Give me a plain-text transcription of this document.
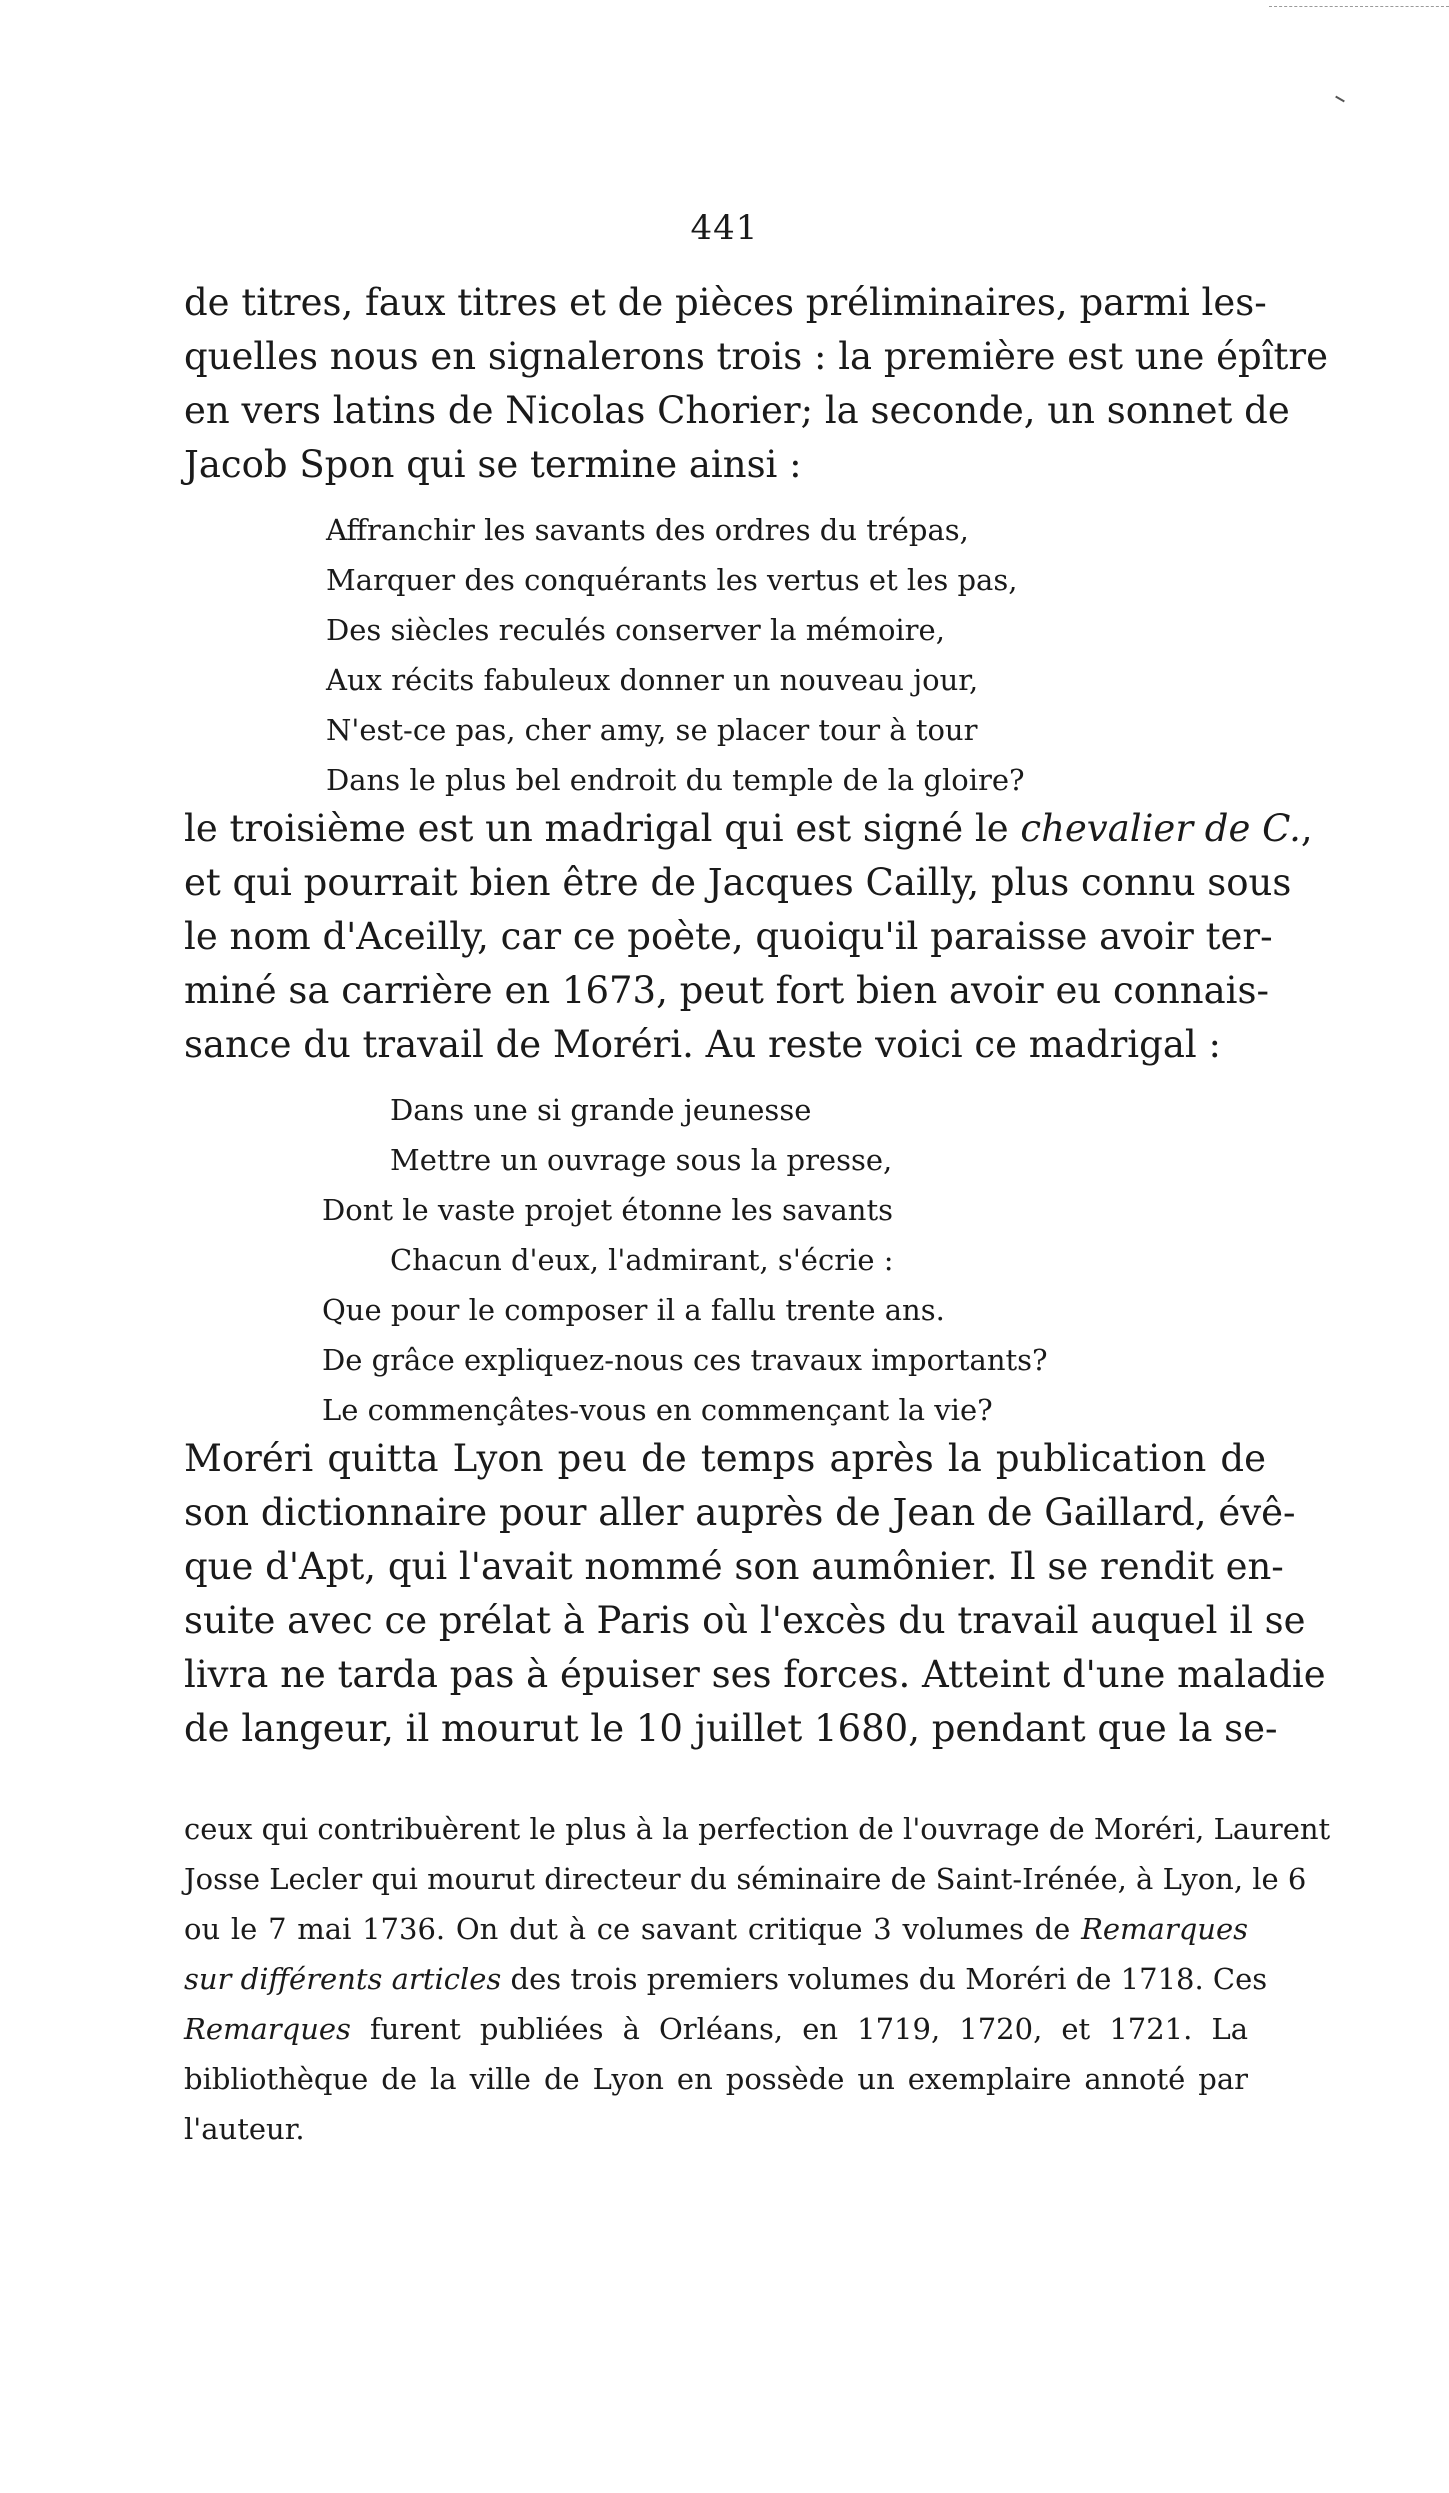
441

de titres, faux titres et de pièces préliminaires, parmi les-
quelles nous en signalerons trois : la première est une épître
en vers latins de Nicolas Chorier; la seconde, un sonnet de
Jacob Spon qui se termine ainsi :

Affranchir les savants des ordres du trépas,
Marquer des conquérants les vertus et les pas,
Des siècles reculés conserver la mémoire,
Aux récits fabuleux donner un nouveau jour,
N'est-ce pas, cher amy, se placer tour à tour
Dans le plus bel endroit du temple de la gloire?

le troisième est un madrigal qui est signé le chevalier de C.,
et qui pourrait bien être de Jacques Cailly, plus connu sous
le nom d'Aceilly, car ce poète, quoiqu'il paraisse avoir ter-
miné sa carrière en 1673, peut fort bien avoir eu connais-
sance du travail de Moréri. Au reste voici ce madrigal :

Dans une si grande jeunesse
Mettre un ouvrage sous la presse,
Dont le vaste projet étonne les savants
Chacun d'eux, l'admirant, s'écrie :
Que pour le composer il a fallu trente ans.
De grâce expliquez-nous ces travaux importants?
Le commençâtes-vous en commençant la vie?

Moréri quitta Lyon peu de temps après la publication de
son dictionnaire pour aller auprès de Jean de Gaillard, évê-
que d'Apt, qui l'avait nommé son aumônier. Il se rendit en-
suite avec ce prélat à Paris où l'excès du travail auquel il se
livra ne tarda pas à épuiser ses forces. Atteint d'une maladie
de langeur, il mourut le 10 juillet 1680, pendant que la se-

ceux qui contribuèrent le plus à la perfection de l'ouvrage de Moréri, Laurent
Josse Lecler qui mourut directeur du séminaire de Saint-Irénée, à Lyon, le 6
ou le 7 mai 1736. On dut à ce savant critique 3 volumes de Remarques
sur différents articles des trois premiers volumes du Moréri de 1718. Ces
Remarques furent publiées à Orléans, en 1719, 1720, et 1721. La
bibliothèque de la ville de Lyon en possède un exemplaire annoté par
l'auteur.
